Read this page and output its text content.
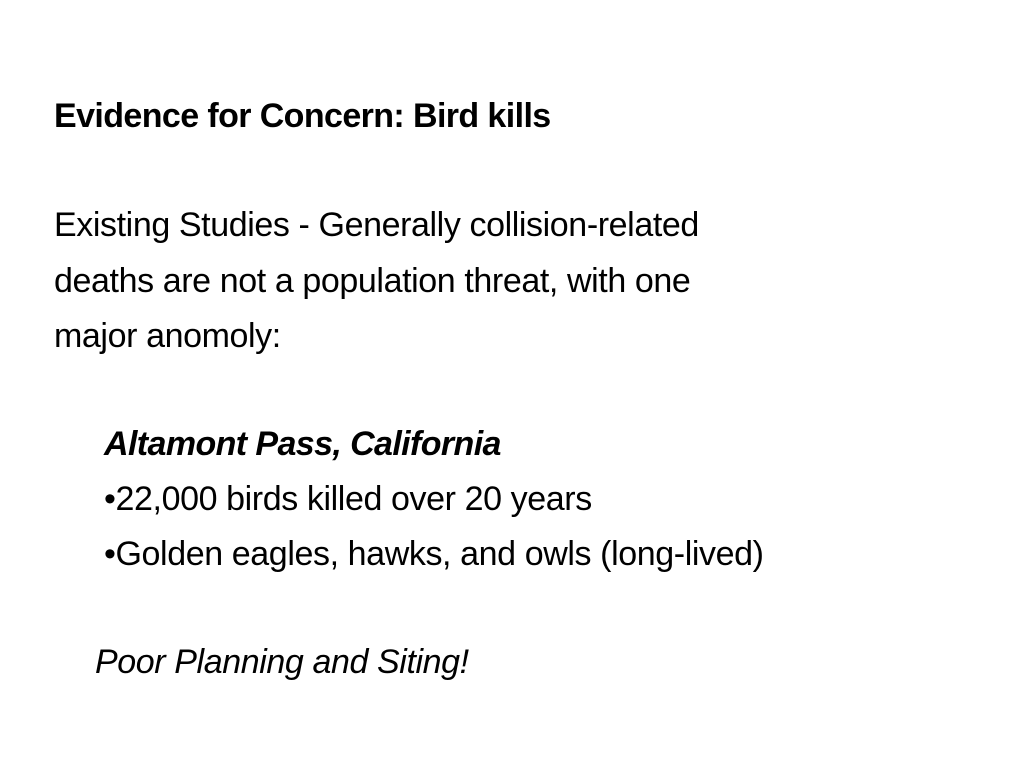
Evidence for Concern: Bird kills
Existing Studies - Generally collision-related
deaths are not a population threat, with one
major anomoly:
Altamont Pass, California
•22,000 birds killed over 20 years
•Golden eagles, hawks, and owls (long-lived)
Poor Planning and Siting!
